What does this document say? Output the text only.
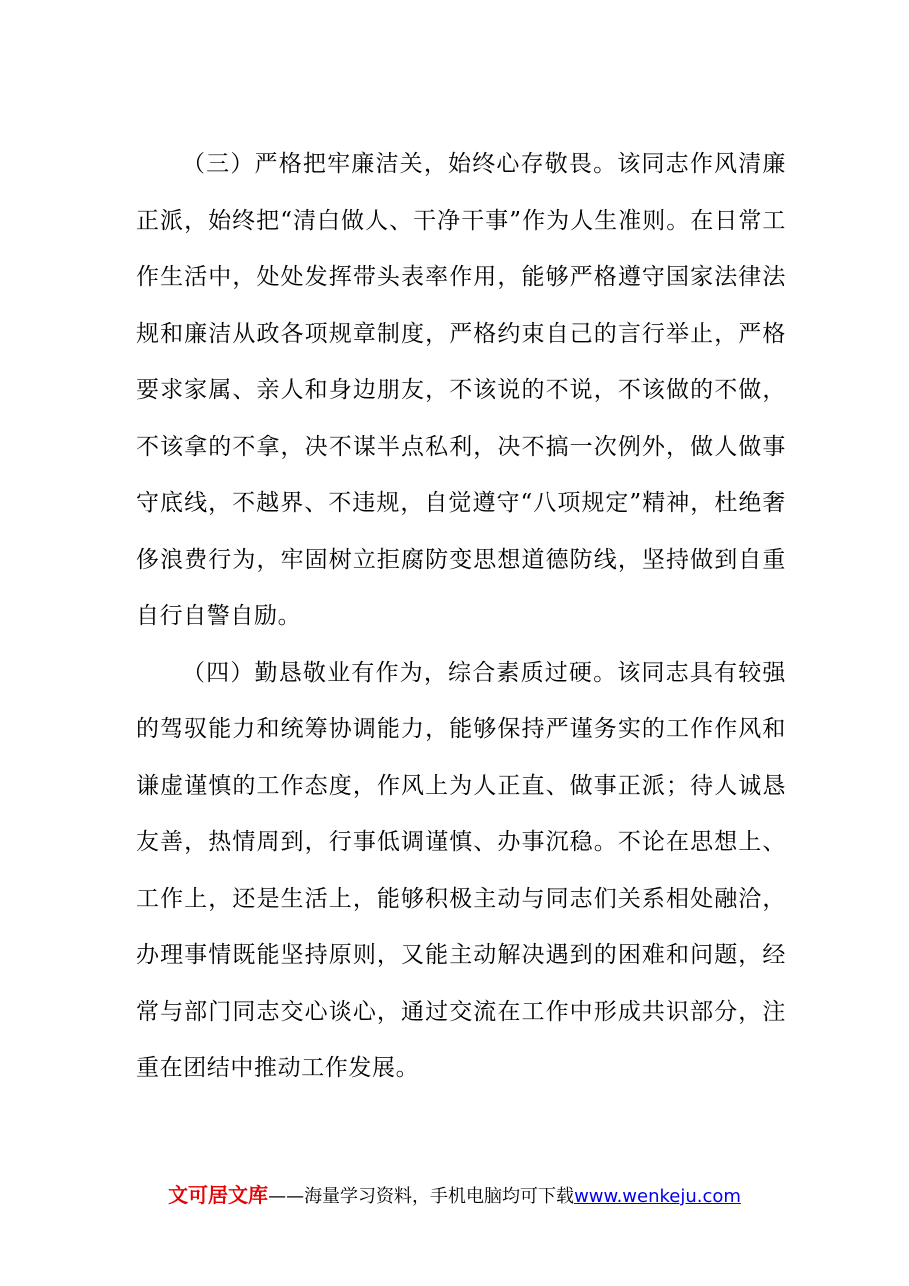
（三）严格把牢廉洁关，始终心存敬畏。该同志作风清廉正派，始终把“清白做人、干净干事”作为人生准则。在日常工作生活中，处处发挥带头表率作用，能够严格遵守国家法律法规和廉洁从政各项规章制度，严格约束自己的言行举止，严格要求家属、亲人和身边朋友，不该说的不说，不该做的不做，不该拿的不拿，决不谋半点私利，决不搞一次例外，做人做事守底线，不越界、不违规，自觉遵守“八项规定”精神，杜绝奢侈浪费行为，牢固树立拒腐防变思想道德防线，坚持做到自重自行自警自励。

（四）勤恳敬业有作为，综合素质过硬。该同志具有较强的驾驭能力和统筹协调能力，能够保持严谨务实的工作作风和谦虚谨慎的工作态度，作风上为人正直、做事正派；待人诚恳友善，热情周到，行事低调谨慎、办事沉稳。不论在思想上、工作上，还是生活上，能够积极主动与同志们关系相处融洽，办理事情既能坚持原则，又能主动解决遇到的困难和问题，经常与部门同志交心谈心，通过交流在工作中形成共识部分，注重在团结中推动工作发展。

文可居文库——海量学习资料，手机电脑均可下载www.wenkeju.com
